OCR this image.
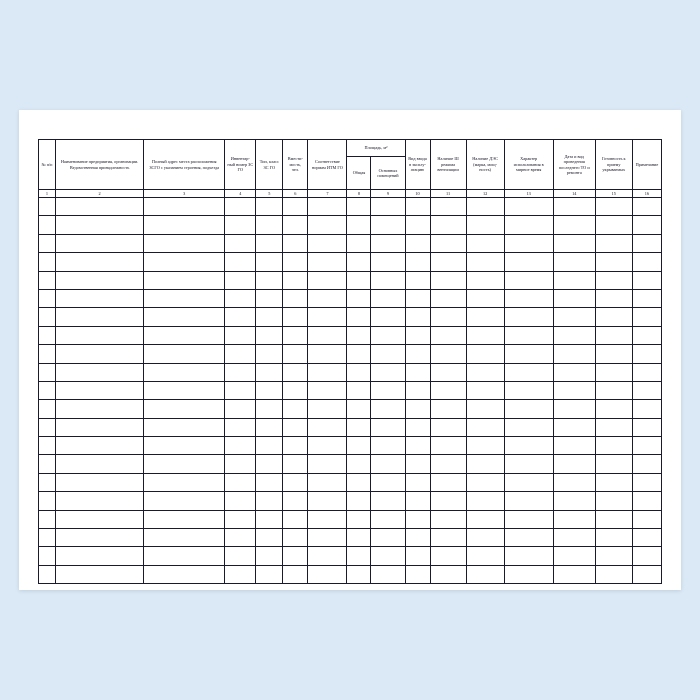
№ п/п	Наименование предприятия, организации. Ведомственная принадлежность	Полный адрес места расположения ЗСГО с указанием строения, подъезда	Инвентар-ный номер ЗС ГО	Тип, класс ЗС ГО	Вмести-мость, чел.	Соответствие нормам ИТМ ГО	Площадь, м²		Вид ввода в эксплу-атацию	Наличие Ш режима вентиляции	Наличие ДЭС (марка, мощ-ность)	Характер использования в мирное время	Дата и вид проведения последнего ТО и ремонта	Готовность к приему укрываемых	Примечание

							Общая	Основных помещений							

1	2	3	4	5	6	7	8	9	10	11	12	13	14	15	16
